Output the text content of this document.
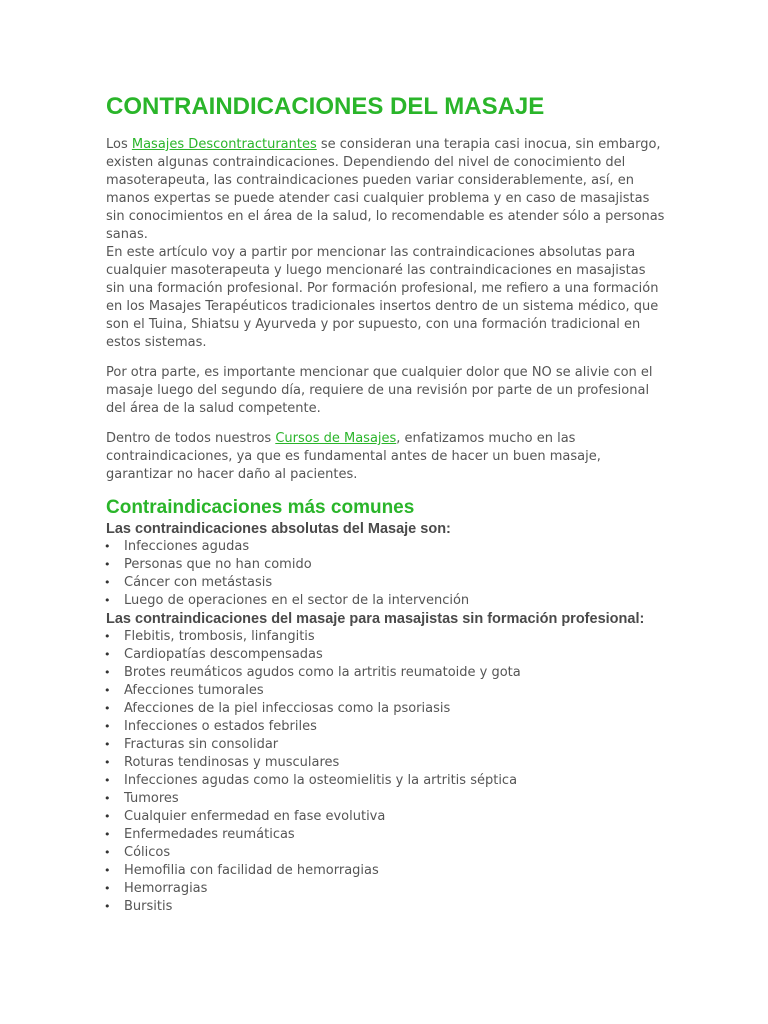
CONTRAINDICACIONES DEL MASAJE

Los Masajes Descontracturantes se consideran una terapia casi inocua, sin embargo, existen algunas contraindicaciones. Dependiendo del nivel de conocimiento del masoterapeuta, las contraindicaciones pueden variar considerablemente, así, en manos expertas se puede atender casi cualquier problema y en caso de masajistas sin conocimientos en el área de la salud, lo recomendable es atender sólo a personas sanas.
En este artículo voy a partir por mencionar las contraindicaciones absolutas para cualquier masoterapeuta y luego mencionaré las contraindicaciones en masajistas sin una formación profesional. Por formación profesional, me refiero a una formación en los Masajes Terapéuticos tradicionales insertos dentro de un sistema médico, que son el Tuina, Shiatsu y Ayurveda y por supuesto, con una formación tradicional en estos sistemas.

Por otra parte, es importante mencionar que cualquier dolor que NO se alivie con el masaje luego del segundo día, requiere de una revisión por parte de un profesional del área de la salud competente.

Dentro de todos nuestros Cursos de Masajes, enfatizamos mucho en las contraindicaciones, ya que es fundamental antes de hacer un buen masaje, garantizar no hacer daño al pacientes.

Contraindicaciones más comunes
Las contraindicaciones absolutas del Masaje son:
• Infecciones agudas
• Personas que no han comido
• Cáncer con metástasis
• Luego de operaciones en el sector de la intervención
Las contraindicaciones del masaje para masajistas sin formación profesional:
• Flebitis, trombosis, linfangitis
• Cardiopatías descompensadas
• Brotes reumáticos agudos como la artritis reumatoide y gota
• Afecciones tumorales
• Afecciones de la piel infecciosas como la psoriasis
• Infecciones o estados febriles
• Fracturas sin consolidar
• Roturas tendinosas y musculares
• Infecciones agudas como la osteomielitis y la artritis séptica
• Tumores
• Cualquier enfermedad en fase evolutiva
• Enfermedades reumáticas
• Cólicos
• Hemofilia con facilidad de hemorragias
• Hemorragias
• Bursitis
